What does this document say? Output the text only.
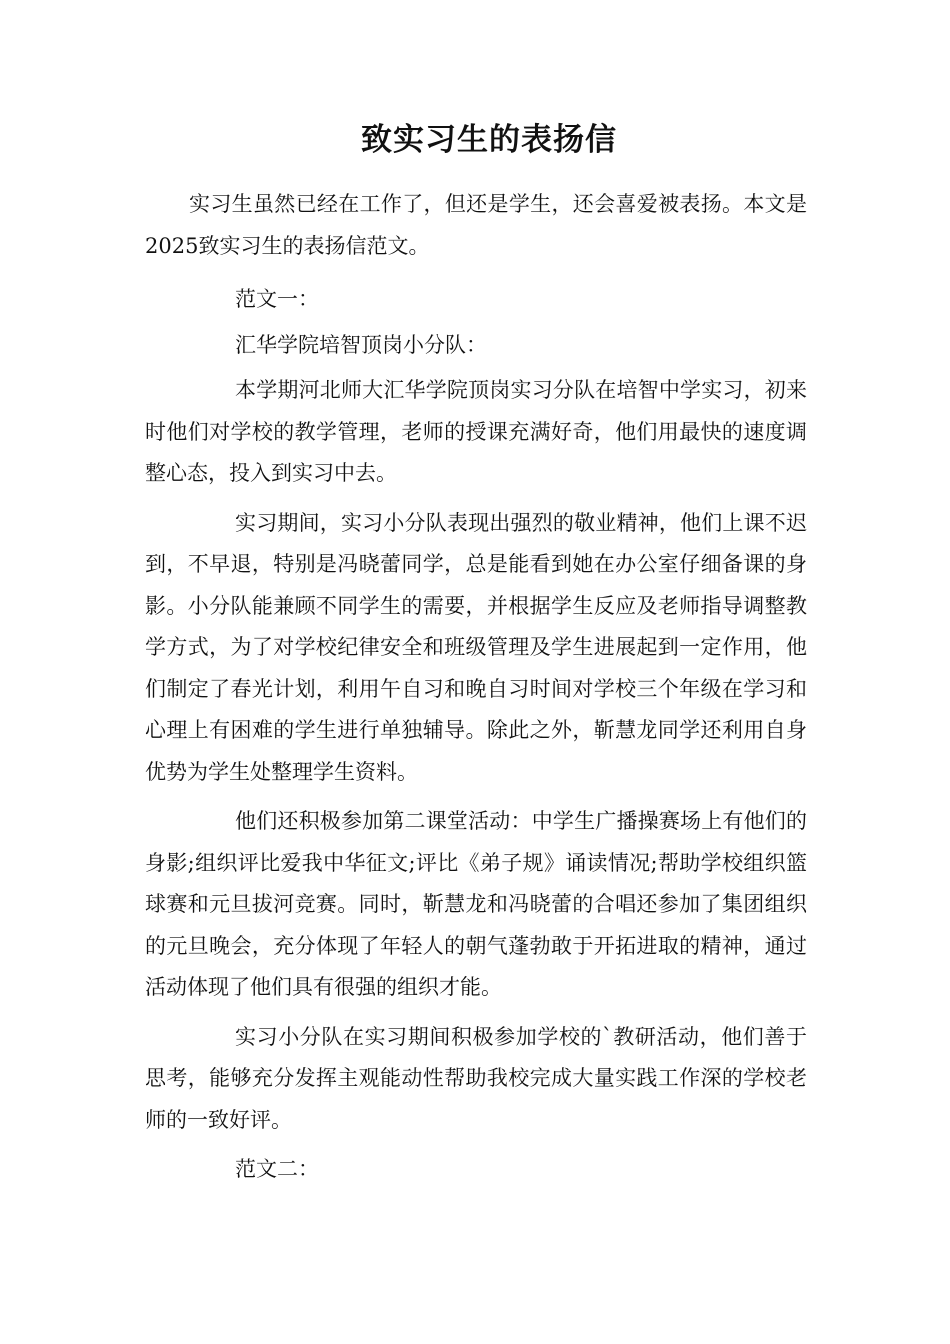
致实习生的表扬信

实习生虽然已经在工作了，但还是学生，还会喜爱被表扬。本文是2025致实习生的表扬信范文。

范文一：

汇华学院培智顶岗小分队：

本学期河北师大汇华学院顶岗实习分队在培智中学实习，初来时他们对学校的教学管理，老师的授课充满好奇，他们用最快的速度调整心态，投入到实习中去。

实习期间，实习小分队表现出强烈的敬业精神，他们上课不迟到，不早退，特别是冯晓蕾同学，总是能看到她在办公室仔细备课的身影。小分队能兼顾不同学生的需要，并根据学生反应及老师指导调整教学方式，为了对学校纪律安全和班级管理及学生进展起到一定作用，他们制定了春光计划，利用午自习和晚自习时间对学校三个年级在学习和心理上有困难的学生进行单独辅导。除此之外，靳慧龙同学还利用自身优势为学生处整理学生资料。

他们还积极参加第二课堂活动：中学生广播操赛场上有他们的身影;组织评比爱我中华征文;评比《弟子规》诵读情况;帮助学校组织篮球赛和元旦拔河竞赛。同时，靳慧龙和冯晓蕾的合唱还参加了集团组织的元旦晚会，充分体现了年轻人的朝气蓬勃敢于开拓进取的精神，通过活动体现了他们具有很强的组织才能。

实习小分队在实习期间积极参加学校的`教研活动，他们善于思考，能够充分发挥主观能动性帮助我校完成大量实践工作深的学校老师的一致好评。

范文二：
